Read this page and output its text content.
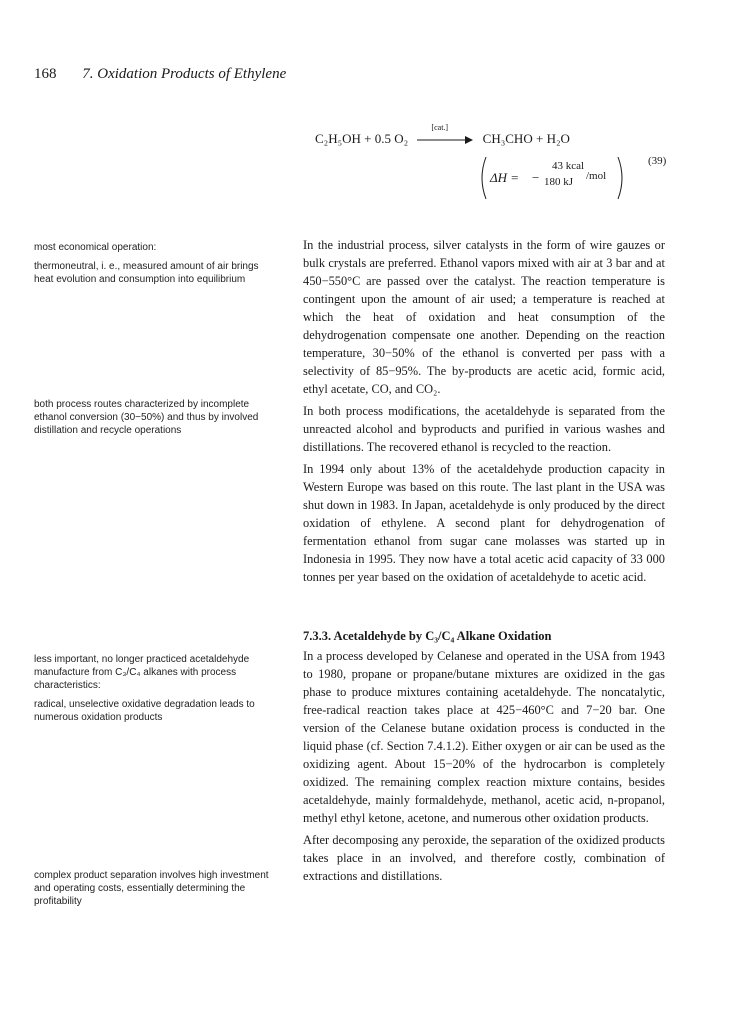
168 7. Oxidation Products of Ethylene
C₂H₅OH + 0.5 O₂
[cat.]
CH₃CHO + H₂O
ΔH = −
43 kcal
180 kJ /mol
(39)

most economical operation:

thermoneutral, i. e., measured amount of air brings heat evolution and consumption into equilibrium

both process routes characterized by incomplete ethanol conversion (30−50%) and thus by involved distillation and recycle operations

less important, no longer practiced acetaldehyde manufacture from C₃/C₄ alkanes with process characteristics:

radical, unselective oxidative degradation leads to numerous oxidation products

complex product separation involves high investment and operating costs, essentially determining the profitability

In the industrial process, silver catalysts in the form of wire gauzes or bulk crystals are preferred. Ethanol vapors mixed with air at 3 bar and at 450−550°C are passed over the catalyst. The reaction temperature is contingent upon the amount of air used; a temperature is reached at which the heat of oxidation and heat consumption of the dehydrogenation compensate one another. Depending on the reaction temperature, 30−50% of the ethanol is converted per pass with a selectivity of 85−95%. The by-products are acetic acid, formic acid, ethyl acetate, CO, and CO₂.

In both process modifications, the acetaldehyde is separated from the unreacted alcohol and byproducts and purified in various washes and distillations. The recovered ethanol is recycled to the reaction.

In 1994 only about 13% of the acetaldehyde production capacity in Western Europe was based on this route. The last plant in the USA was shut down in 1983. In Japan, acetaldehyde is only produced by the direct oxidation of ethylene. A second plant for dehydrogenation of fermentation ethanol from sugar cane molasses was started up in Indonesia in 1995. They now have a total acetic acid capacity of 33 000 tonnes per year based on the oxidation of acetaldehyde to acetic acid.

7.3.3. Acetaldehyde by C₃/C₄ Alkane Oxidation

In a process developed by Celanese and operated in the USA from 1943 to 1980, propane or propane/butane mixtures are oxidized in the gas phase to produce mixtures containing acetaldehyde. The noncatalytic, free-radical reaction takes place at 425−460°C and 7−20 bar. One version of the Celanese butane oxidation process is conducted in the liquid phase (cf. Section 7.4.1.2). Either oxygen or air can be used as the oxidizing agent. About 15−20% of the hydrocarbon is completely oxidized. The remaining complex reaction mixture contains, besides acetaldehyde, mainly formaldehyde, methanol, acetic acid, n-propanol, methyl ethyl ketone, acetone, and numerous other oxidation products.

After decomposing any peroxide, the separation of the oxidized products takes place in an involved, and therefore costly, combination of extractions and distillations.
